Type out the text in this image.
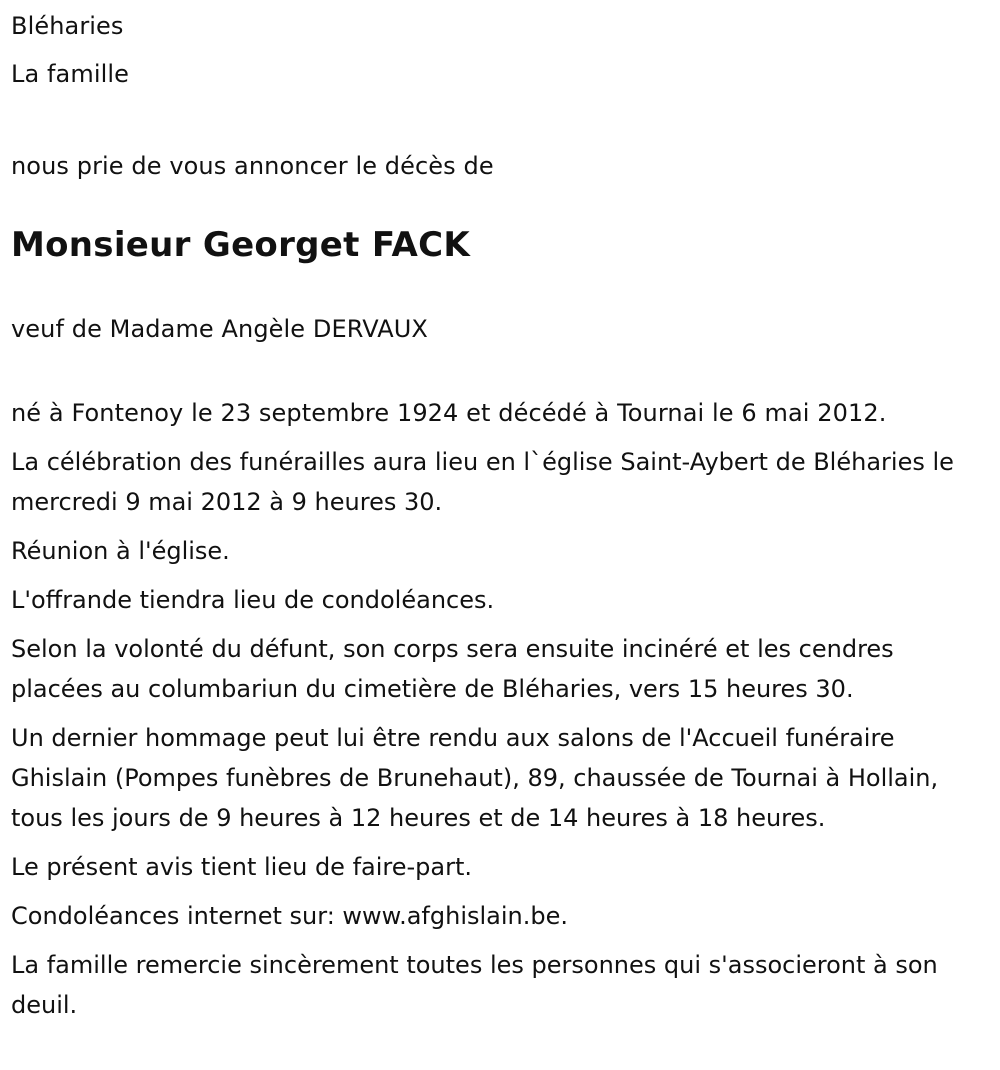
Bléharies

La famille

nous prie de vous annoncer le décès de

Monsieur Georget FACK

veuf de Madame Angèle DERVAUX

né à Fontenoy le 23 septembre 1924 et décédé à Tournai le 6 mai 2012.

La célébration des funérailles aura lieu en l`église Saint-Aybert de Bléharies le mercredi 9 mai 2012 à 9 heures 30.

Réunion à l'église.

L'offrande tiendra lieu de condoléances.

Selon la volonté du défunt, son corps sera ensuite inciné​ré et les cendres placées au columbariun du cimetière de Bléharies, vers 15 heures 30.

Un dernier hommage peut lui être rendu aux salons de l'Accueil funéraire Ghislain (Pompes funèbres de Brunehaut), 89, chaussée de Tournai à Hollain, tous les jours de 9 heures à 12 heures et de 14 heures à 18 heures.

Le présent avis tient lieu de faire-part.

Condoléances internet sur: www.afghislain.be.

La famille remercie sincèrement toutes les personnes qui s'associeront à son deuil.
